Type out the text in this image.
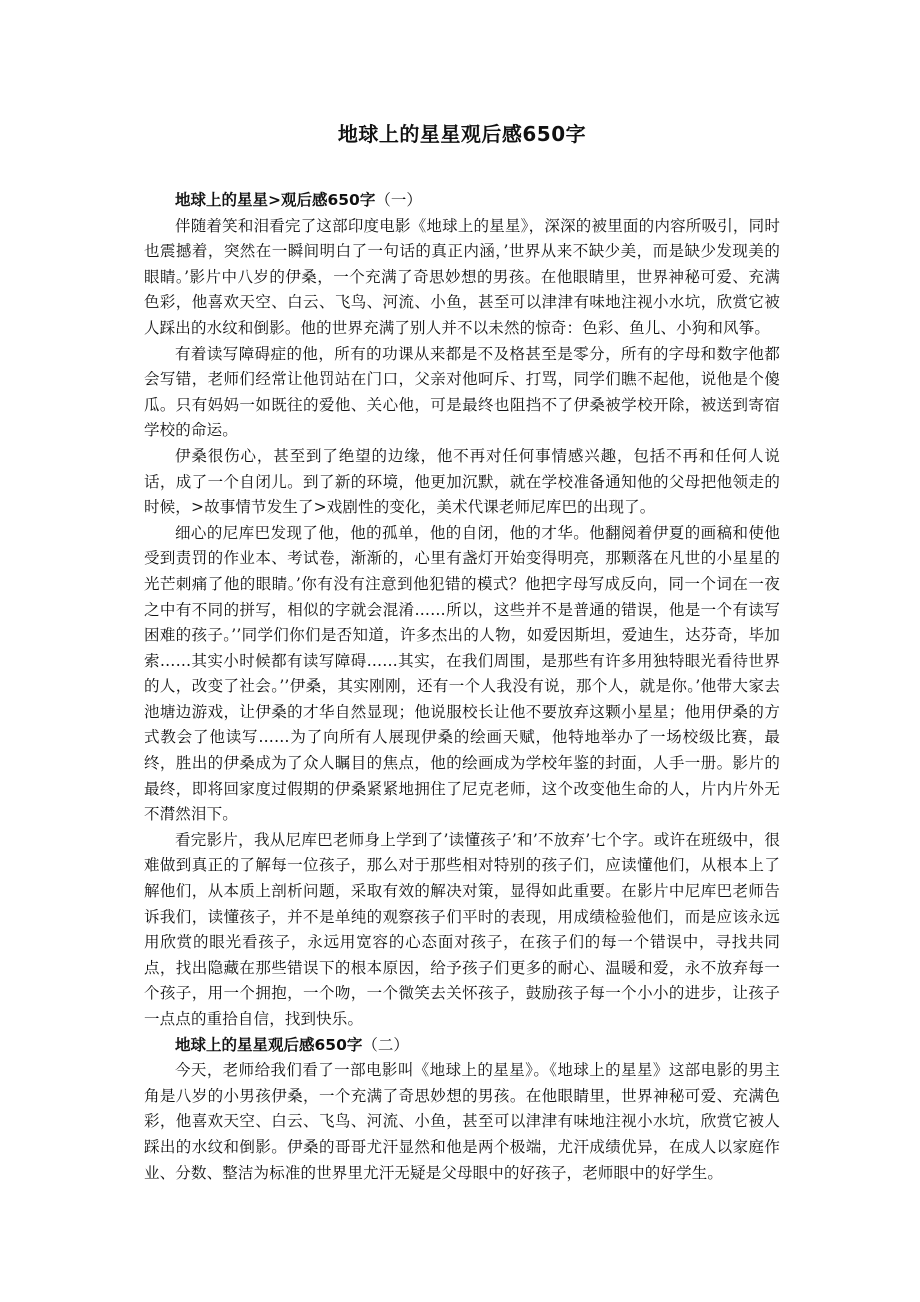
地球上的星星观后感650字
地球上的星星>观后感650字（一）

伴随着笑和泪看完了这部印度电影《地球上的星星》，深深的被里面的内容所吸引，同时也震撼着，突然在一瞬间明白了一句话的真正内涵，’世界从来不缺少美，而是缺少发现美的眼睛。’影片中八岁的伊桑，一个充满了奇思妙想的男孩。在他眼睛里，世界神秘可爱、充满色彩，他喜欢天空、白云、飞鸟、河流、小鱼，甚至可以津津有味地注视小水坑，欣赏它被人踩出的水纹和倒影。他的世界充满了别人并不以未然的惊奇：色彩、鱼儿、小狗和风筝。

有着读写障碍症的他，所有的功课从来都是不及格甚至是零分，所有的字母和数字他都会写错，老师们经常让他罚站在门口，父亲对他呵斥、打骂，同学们瞧不起他，说他是个傻瓜。只有妈妈一如既往的爱他、关心他，可是最终也阻挡不了伊桑被学校开除，被送到寄宿学校的命运。

伊桑很伤心，甚至到了绝望的边缘，他不再对任何事情感兴趣，包括不再和任何人说话，成了一个自闭儿。到了新的环境，他更加沉默，就在学校准备通知他的父母把他领走的时候，>故事情节发生了>戏剧性的变化，美术代课老师尼库巴的出现了。

细心的尼库巴发现了他，他的孤单，他的自闭，他的才华。他翻阅着伊夏的画稿和使他受到责罚的作业本、考试卷，渐渐的，心里有盏灯开始变得明亮，那颗落在凡世的小星星的光芒刺痛了他的眼睛。’你有没有注意到他犯错的模式？他把字母写成反向，同一个词在一夜之中有不同的拼写，相似的字就会混淆……所以，这些并不是普通的错误，他是一个有读写困难的孩子。’’同学们你们是否知道，许多杰出的人物，如爱因斯坦，爱迪生，达芬奇，毕加索……其实小时候都有读写障碍……其实，在我们周围，是那些有许多用独特眼光看待世界的人，改变了社会。’’伊桑，其实刚刚，还有一个人我没有说，那个人，就是你。’他带大家去池塘边游戏，让伊桑的才华自然显现；他说服校长让他不要放弃这颗小星星；他用伊桑的方式教会了他读写……为了向所有人展现伊桑的绘画天赋，他特地举办了一场校级比赛，最终，胜出的伊桑成为了众人瞩目的焦点，他的绘画成为学校年鉴的封面，人手一册。影片的最终，即将回家度过假期的伊桑紧紧地拥住了尼克老师，这个改变他生命的人，片内片外无不潸然泪下。

看完影片，我从尼库巴老师身上学到了’读懂孩子’和’不放弃’七个字。或许在班级中，很难做到真正的了解每一位孩子，那么对于那些相对特别的孩子们，应读懂他们，从根本上了解他们，从本质上剖析问题，采取有效的解决对策，显得如此重要。在影片中尼库巴老师告诉我们，读懂孩子，并不是单纯的观察孩子们平时的表现，用成绩检验他们，而是应该永远用欣赏的眼光看孩子，永远用宽容的心态面对孩子，在孩子们的每一个错误中，寻找共同点，找出隐藏在那些错误下的根本原因，给予孩子们更多的耐心、温暖和爱，永不放弃每一个孩子，用一个拥抱，一个吻，一个微笑去关怀孩子，鼓励孩子每一个小小的进步，让孩子一点点的重拾自信，找到快乐。

地球上的星星观后感650字（二）

今天，老师给我们看了一部电影叫《地球上的星星》。《地球上的星星》这部电影的男主角是八岁的小男孩伊桑，一个充满了奇思妙想的男孩。在他眼睛里，世界神秘可爱、充满色彩，他喜欢天空、白云、飞鸟、河流、小鱼，甚至可以津津有味地注视小水坑，欣赏它被人踩出的水纹和倒影。伊桑的哥哥尤汗显然和他是两个极端，尤汗成绩优异，在成人以家庭作业、分数、整洁为标准的世界里尤汗无疑是父母眼中的好孩子，老师眼中的好学生。
